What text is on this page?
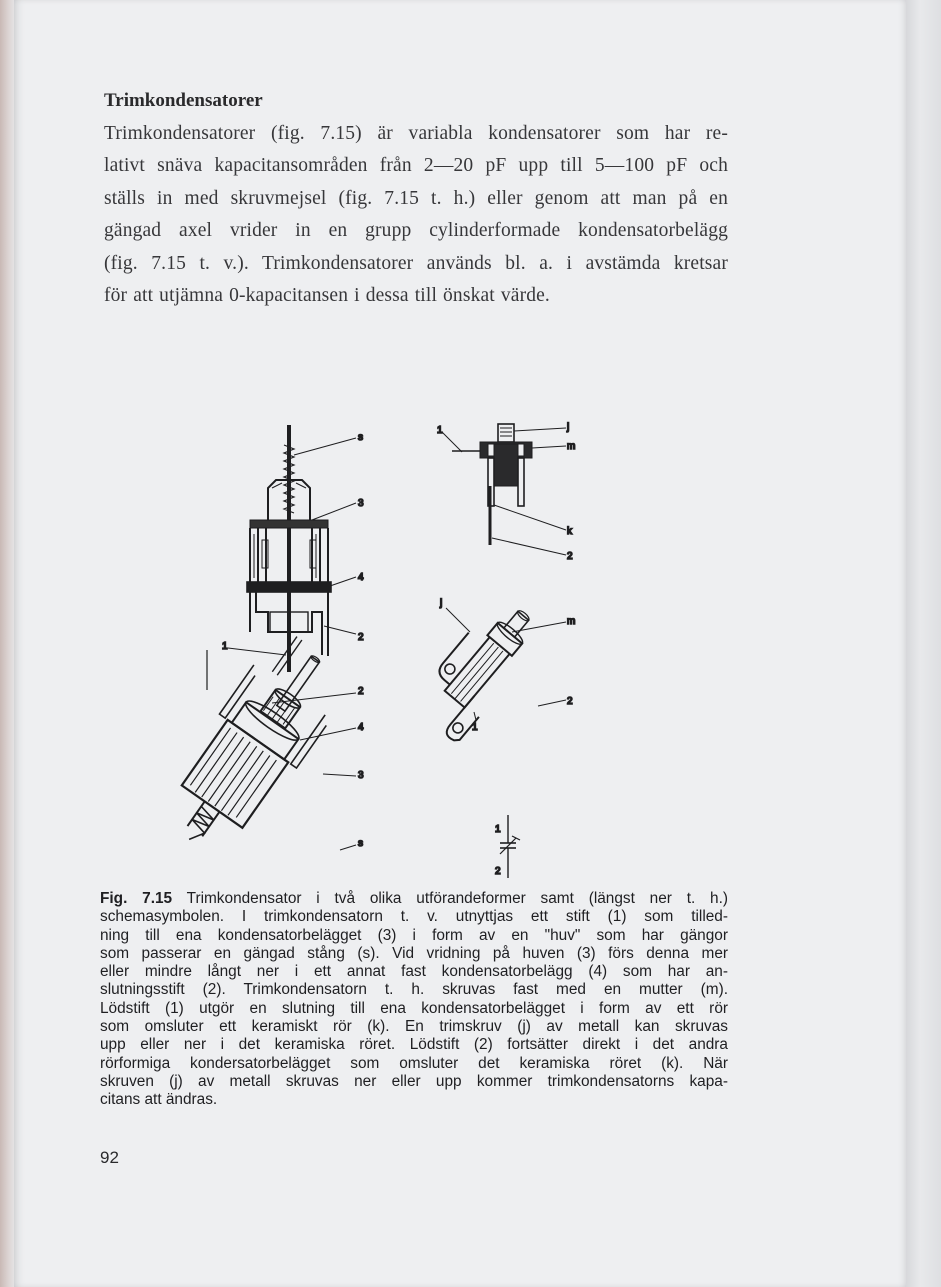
Trimkondensatorer
Trimkondensatorer (fig. 7.15) är variabla kondensatorer som har re-
lativt snäva kapacitansområden från 2—20 pF upp till 5—100 pF och
ställs in med skruvmejsel (fig. 7.15 t. h.) eller genom att man på en
gängad axel vrider in en grupp cylinderformade kondensatorbelägg
(fig. 7.15 t. v.). Trimkondensatorer används bl. a. i avstämda kretsar
för att utjämna 0-kapacitansen i dessa till önskat värde.
s
3
4
2
1
2
4
3
s
1	j
m
k
2
j
m
2
1
1
2
Fig. 7.15 Trimkondensator i två olika utförandeformer samt (längst ner t. h.)
schemasymbolen. I trimkondensatorn t. v. utnyttjas ett stift (1) som tilled-
ning till ena kondensatorbelägget (3) i form av en "huv" som har gängor
som passerar en gängad stång (s). Vid vridning på huven (3) förs denna mer
eller mindre långt ner i ett annat fast kondensatorbelägg (4) som har an-
slutningsstift (2). Trimkondensatorn t. h. skruvas fast med en mutter (m).
Lödstift (1) utgör en slutning till ena kondensatorbelägget i form av ett rör
som omsluter ett keramiskt rör (k). En trimskruv (j) av metall kan skruvas
upp eller ner i det keramiska röret. Lödstift (2) fortsätter direkt i det andra
rörformiga kondersatorbelägget som omsluter det keramiska röret (k). När
skruven (j) av metall skruvas ner eller upp kommer trimkondensatorns kapa-
citans att ändras.
92
